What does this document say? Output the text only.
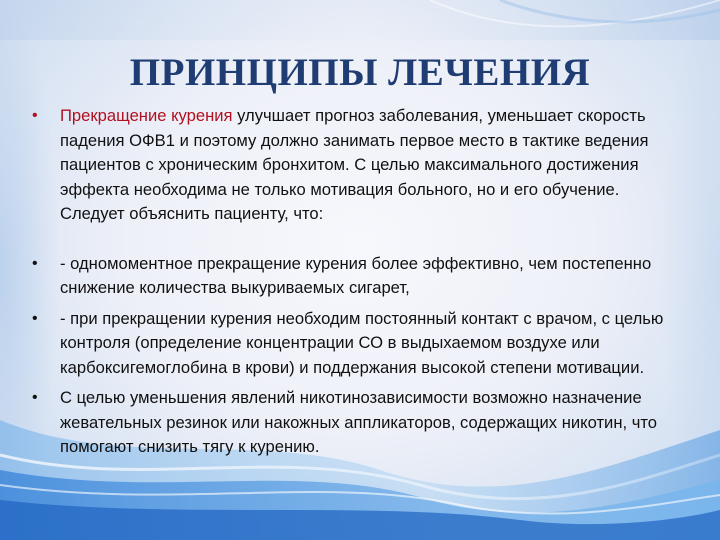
ПРИНЦИПЫ ЛЕЧЕНИЯ
•	Прекращение курения улучшает прогноз заболевания, уменьшает скорость падения ОФВ1 и поэтому должно занимать первое место в тактике ведения пациентов с хроническим бронхитом. С целью максимального достижения эффекта необходима не только мотивация больного, но и его обучение. Следует объяснить пациенту, что:
•	- одномоментное прекращение курения более эффективно, чем постепенно снижение количества выкуриваемых сигарет,
•	- при прекращении курения необходим постоянный контакт с врачом, с целью контроля (определение концентрации СО в выдыхаемом воздухе или карбоксигемоглобина в крови) и поддержания высокой степени мотивации.
•	С целью уменьшения явлений никотинозависимости возможно назначение жевательных резинок или накожных аппликаторов, содержащих никотин, что помогают снизить тягу к курению.
